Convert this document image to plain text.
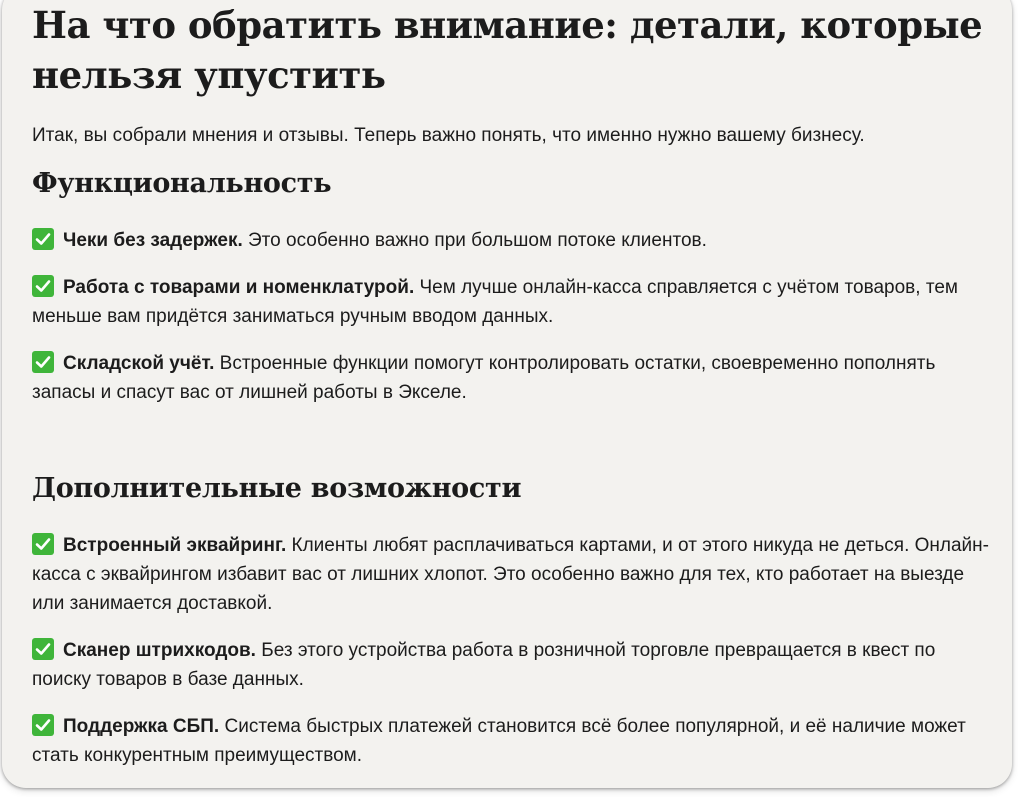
На что обратить внимание: детали, которые нельзя упустить

Итак, вы собрали мнения и отзывы. Теперь важно понять, что именно нужно вашему бизнесу.

Функциональность

Чеки без задержек. Это особенно важно при большом потоке клиентов.

Работа с товарами и номенклатурой. Чем лучше онлайн-касса справляется с учётом товаров, тем меньше вам придётся заниматься ручным вводом данных.

Складской учёт. Встроенные функции помогут контролировать остатки, своевременно пополнять запасы и спасут вас от лишней работы в Экселе.

Дополнительные возможности

Встроенный эквайринг. Клиенты любят расплачиваться картами, и от этого никуда не деться. Онлайн-касса с эквайрингом избавит вас от лишних хлопот. Это особенно важно для тех, кто работает на выезде или занимается доставкой.

Сканер штрихкодов. Без этого устройства работа в розничной торговле превращается в квест по поиску товаров в базе данных.

Поддержка СБП. Система быстрых платежей становится всё более популярной, и её наличие может стать конкурентным преимуществом.
